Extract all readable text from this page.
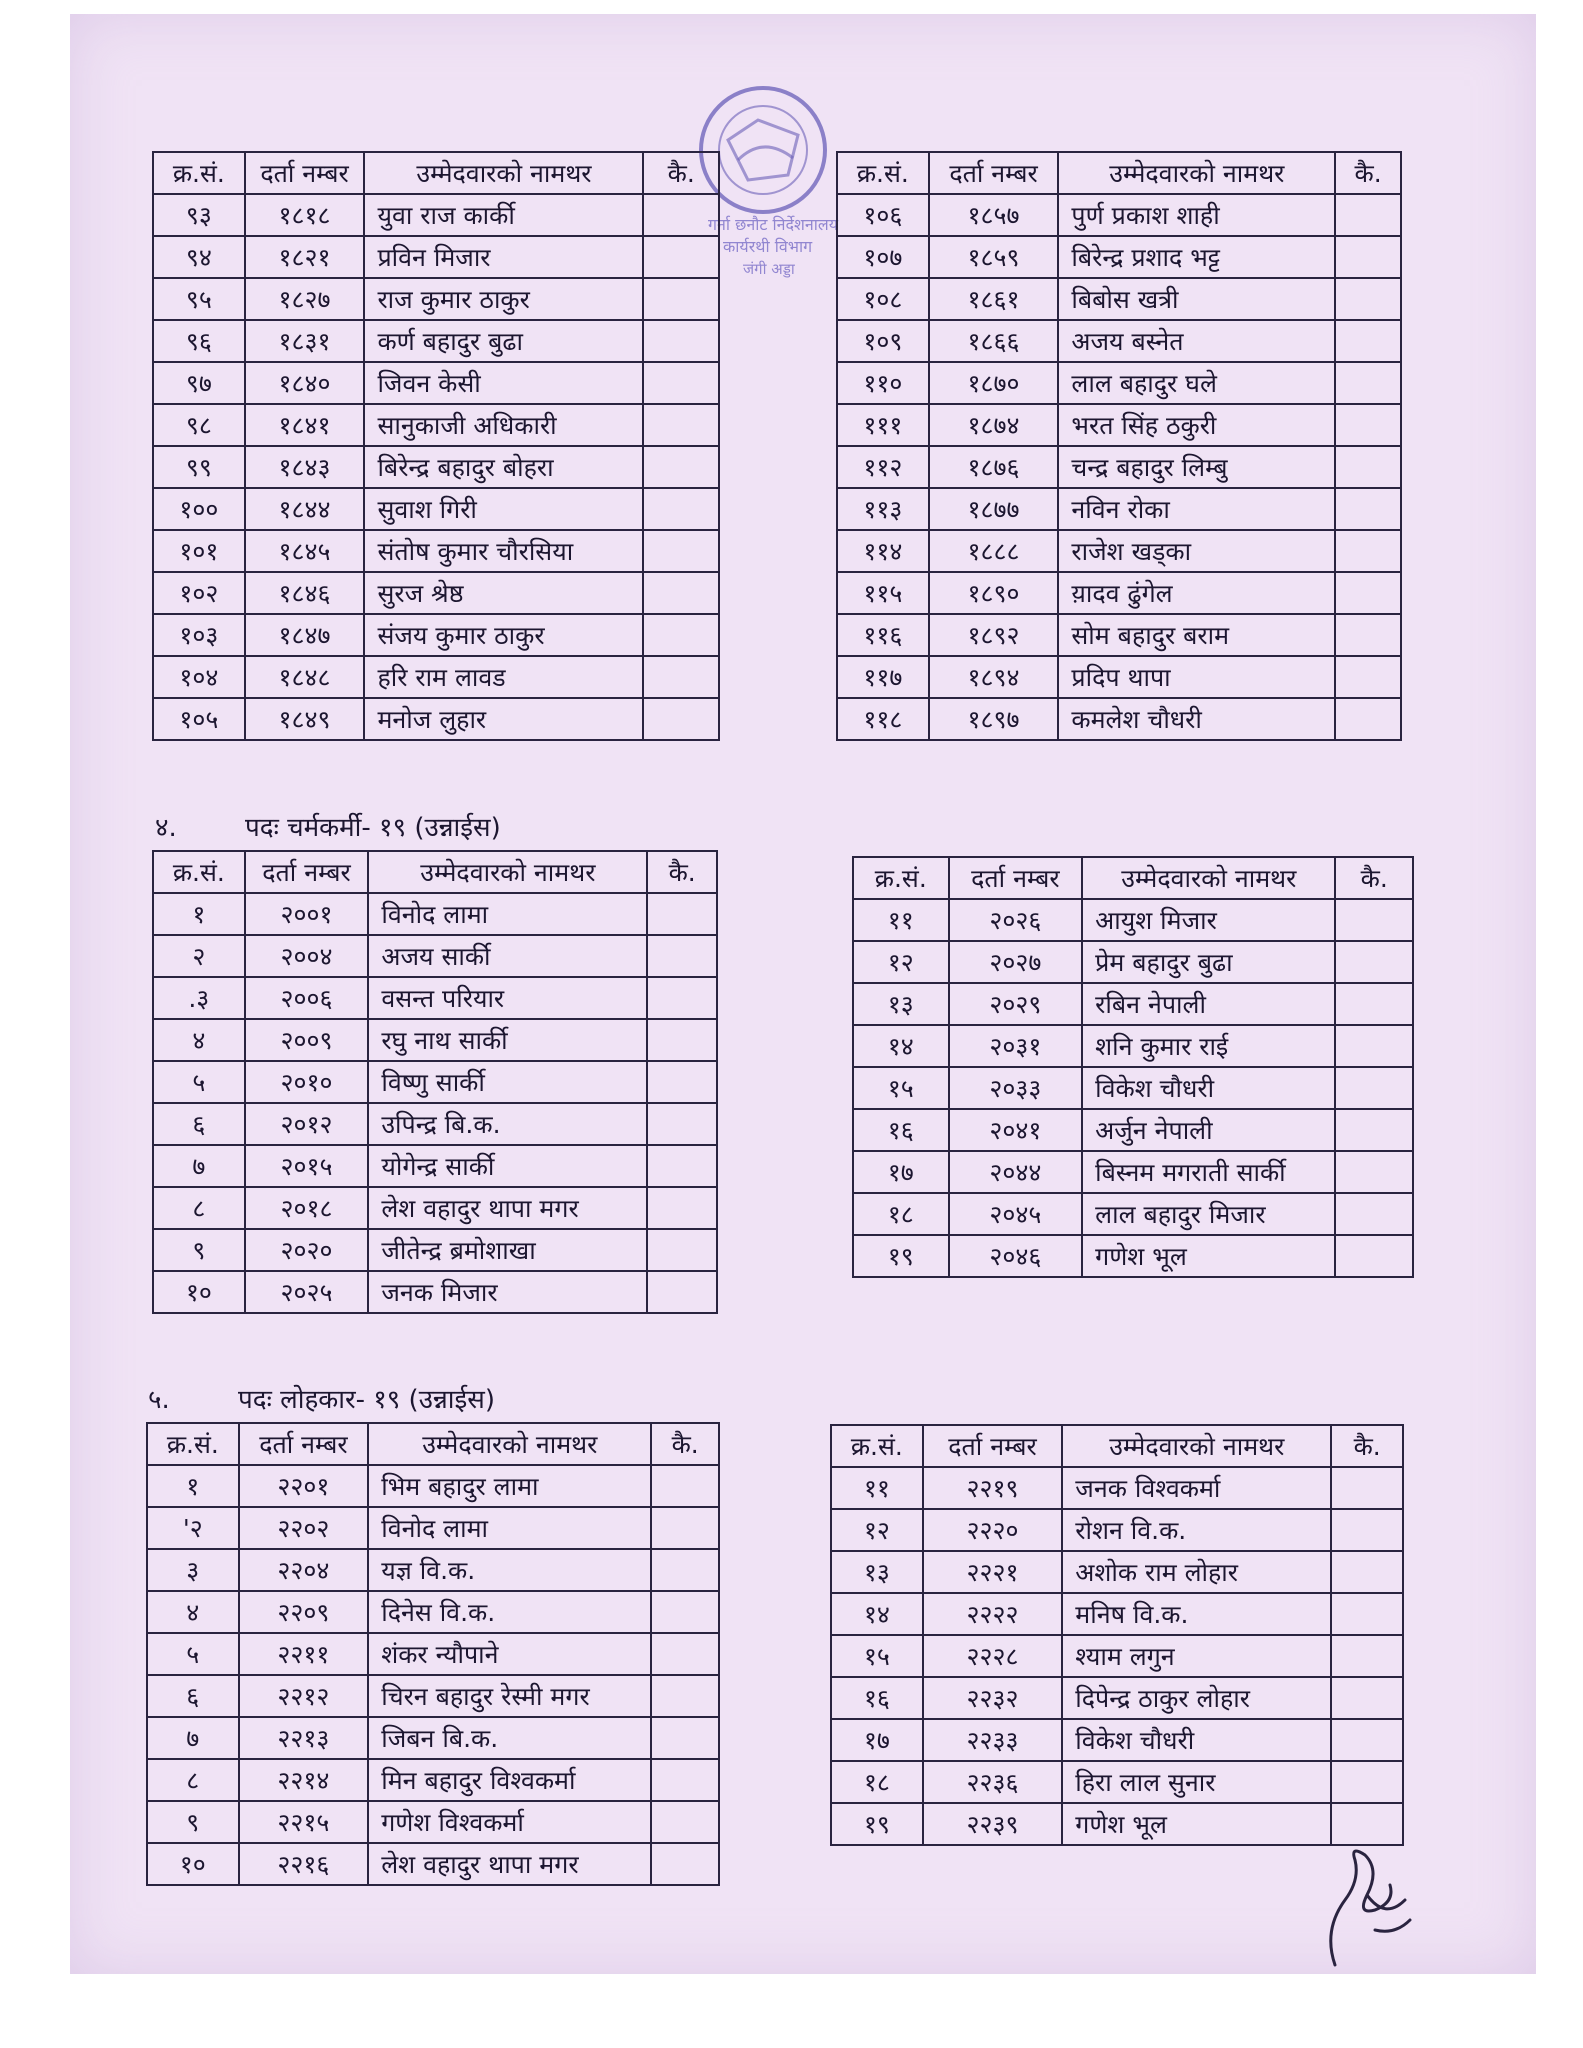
गर्ना छनौट निर्देशनालय
कार्यरथी विभाग
जंगी अड्डा
क्र.सं.	दर्ता नम्बर	उम्मेदवारको नामथर	कै.
९३	१८१८	युवा राज कार्की	
९४	१८२१	प्रविन मिजार	
९५	१८२७	राज कुमार ठाकुर	
९६	१८३१	कर्ण बहादुर बुढा	
९७	१८४०	जिवन केसी	
९८	१८४१	सानुकाजी अधिकारी	
९९	१८४३	बिरेन्द्र बहादुर बोहरा	
१००	१८४४	सुवाश गिरी	
१०१	१८४५	संतोष कुमार चौरसिया	
१०२	१८४६	सुरज श्रेष्ठ	
१०३	१८४७	संजय कुमार ठाकुर	
१०४	१८४८	हरि राम लावड	
१०५	१८४९	मनोज लुहार	
क्र.सं.	दर्ता नम्बर	उम्मेदवारको नामथर	कै.
१०६	१८५७	पुर्ण प्रकाश शाही	
१०७	१८५९	बिरेन्द्र प्रशाद भट्ट	
१०८	१८६१	बिबोस खत्री	
१०९	१८६६	अजय बस्नेत	
११०	१८७०	लाल बहादुर घले	
१११	१८७४	भरत सिंह ठकुरी	
११२	१८७६	चन्द्र बहादुर लिम्बु	
११३	१८७७	नविन रोका	
११४	१८८८	राजेश खड्का	
११५	१८९०	य़ादव ढुंगेल	
११६	१८९२	सोम बहादुर बराम	
११७	१८९४	प्रदिप थापा	
११८	१८९७	कमलेश चौधरी	
४.	पदः चर्मकर्मी- १९ (उन्नाईस)
क्र.सं.	दर्ता नम्बर	उम्मेदवारको नामथर	कै.
१	२००१	विनोद लामा	
२	२००४	अजय सार्की	
.३	२००६	वसन्त परियार	
४	२००९	रघु नाथ सार्की	
५	२०१०	विष्णु सार्की	
६	२०१२	उपिन्द्र बि.क.	
७	२०१५	योगेन्द्र सार्की	
८	२०१८	लेश वहादुर थापा मगर	
९	२०२०	जीतेन्द्र ब्रमोशाखा	
१०	२०२५	जनक मिजार	
क्र.सं.	दर्ता नम्बर	उम्मेदवारको नामथर	कै.
११	२०२६	आयुश मिजार	
१२	२०२७	प्रेम बहादुर बुढा	
१३	२०२९	रबिन नेपाली	
१४	२०३१	शनि कुमार राई	
१५	२०३३	विकेश चौधरी	
१६	२०४१	अर्जुन नेपाली	
१७	२०४४	बिस्नम मगराती सार्की	
१८	२०४५	लाल बहादुर मिजार	
१९	२०४६	गणेश भूल	
५.	पदः लोहकार- १९ (उन्नाईस)
क्र.सं.	दर्ता नम्बर	उम्मेदवारको नामथर	कै.
१	२२०१	भिम बहादुर लामा	
'२	२२०२	विनोद लामा	
३	२२०४	यज्ञ वि.क.	
४	२२०९	दिनेस वि.क.	
५	२२११	शंकर न्यौपाने	
६	२२१२	चिरन बहादुर रेस्मी मगर	
७	२२१३	जिबन बि.क.	
८	२२१४	मिन बहादुर विश्वकर्मा	
९	२२१५	गणेश विश्वकर्मा	
१०	२२१६	लेश वहादुर थापा मगर	
क्र.सं.	दर्ता नम्बर	उम्मेदवारको नामथर	कै.
११	२२१९	जनक विश्वकर्मा	
१२	२२२०	रोशन वि.क.	
१३	२२२१	अशोक राम लोहार	
१४	२२२२	मनिष वि.क.	
१५	२२२८	श्याम लगुन	
१६	२२३२	दिपेन्द्र ठाकुर लोहार	
१७	२२३३	विकेश चौधरी	
१८	२२३६	हिरा लाल सुनार	
१९	२२३९	गणेश भूल	
